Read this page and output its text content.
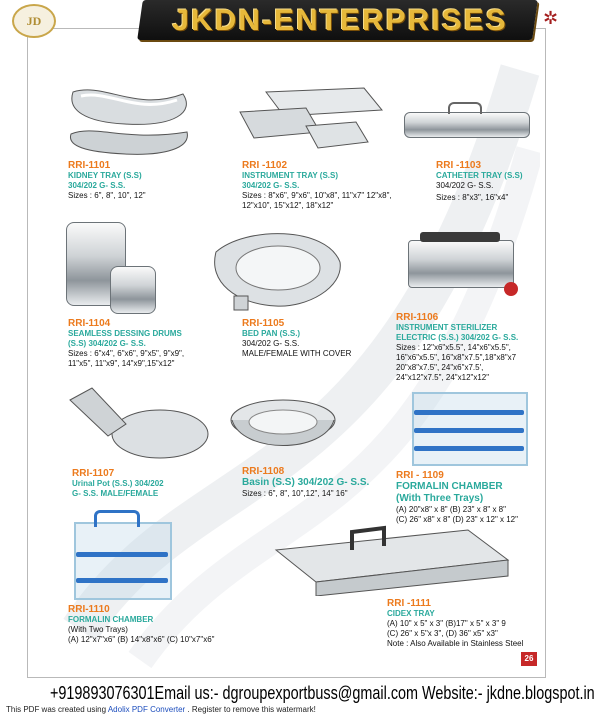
JD	JKDN-ENTERPRISES	✲
RRI-1101
KIDNEY TRAY (S.S)
304/202 G- S.S.
Sizes : 6", 8", 10", 12"
RRI -1102
INSTRUMENT TRAY (S.S)
304/202 G- S.S.
Sizes : 8"x6", 9"x6", 10"x8", 11"x7" 12"x8",
12"x10", 15"x12", 18"x12"
RRI -1103
CATHETER TRAY (S.S)
304/202 G- S.S.
Sizes : 8"x3", 16"x4"
RRI-1104
SEAMLESS DESSING DRUMS
(S.S) 304/202 G- S.S.
Sizes : 6"x4", 6"x6", 9"x5", 9"x9",
11"x5", 11"x9", 14"x9",15"x12"
RRI-1105
BED PAN (S.S.)
304/202 G- S.S.
MALE/FEMALE WITH COVER
RRI-1106
INSTRUMENT STERILIZER
ELECTRIC (S.S.) 304/202 G- S.S.
Sizes : 12"x6"x5.5", 14"x6"x5.5",
16"x6"x5.5", 16"x8"x7.5",18"x8"x7
20"x8"x7.5", 24"x6"x7.5',
24"x12"x7.5", 24"x12"x12"
RRI-1107
Urinal Pot (S.S.) 304/202
G- S.S. MALE/FEMALE
RRI-1108
Basin (S.S) 304/202 G- S.S.
Sizes : 6", 8", 10",12", 14" 16"
RRI - 1109
FORMALIN CHAMBER
(With Three Trays)
(A) 20"x8" x 8" (B) 23" x 8" x 8"
(C) 26" x8" x 8" (D) 23" x 12" x 12"
RRI-1110
FORMALIN CHAMBER
(With Two Trays)
(A) 12"x7"x6" (B) 14"x8"x6" (C) 10"x7"x6"
RRI -1111
CIDEX TRAY
(A) 10" x 5" x 3" (B)17" x 5" x 3" 9
(C) 26" x 5"x 3", (D) 36" x5" x3"
Note : Also Available in Stainless Steel
26
+919893076301Email us:- dgroupexportbuss@gmail.com Website:- jkdne.blogspot.in
This PDF was created using Adolix PDF Converter . Register to remove this watermark!
